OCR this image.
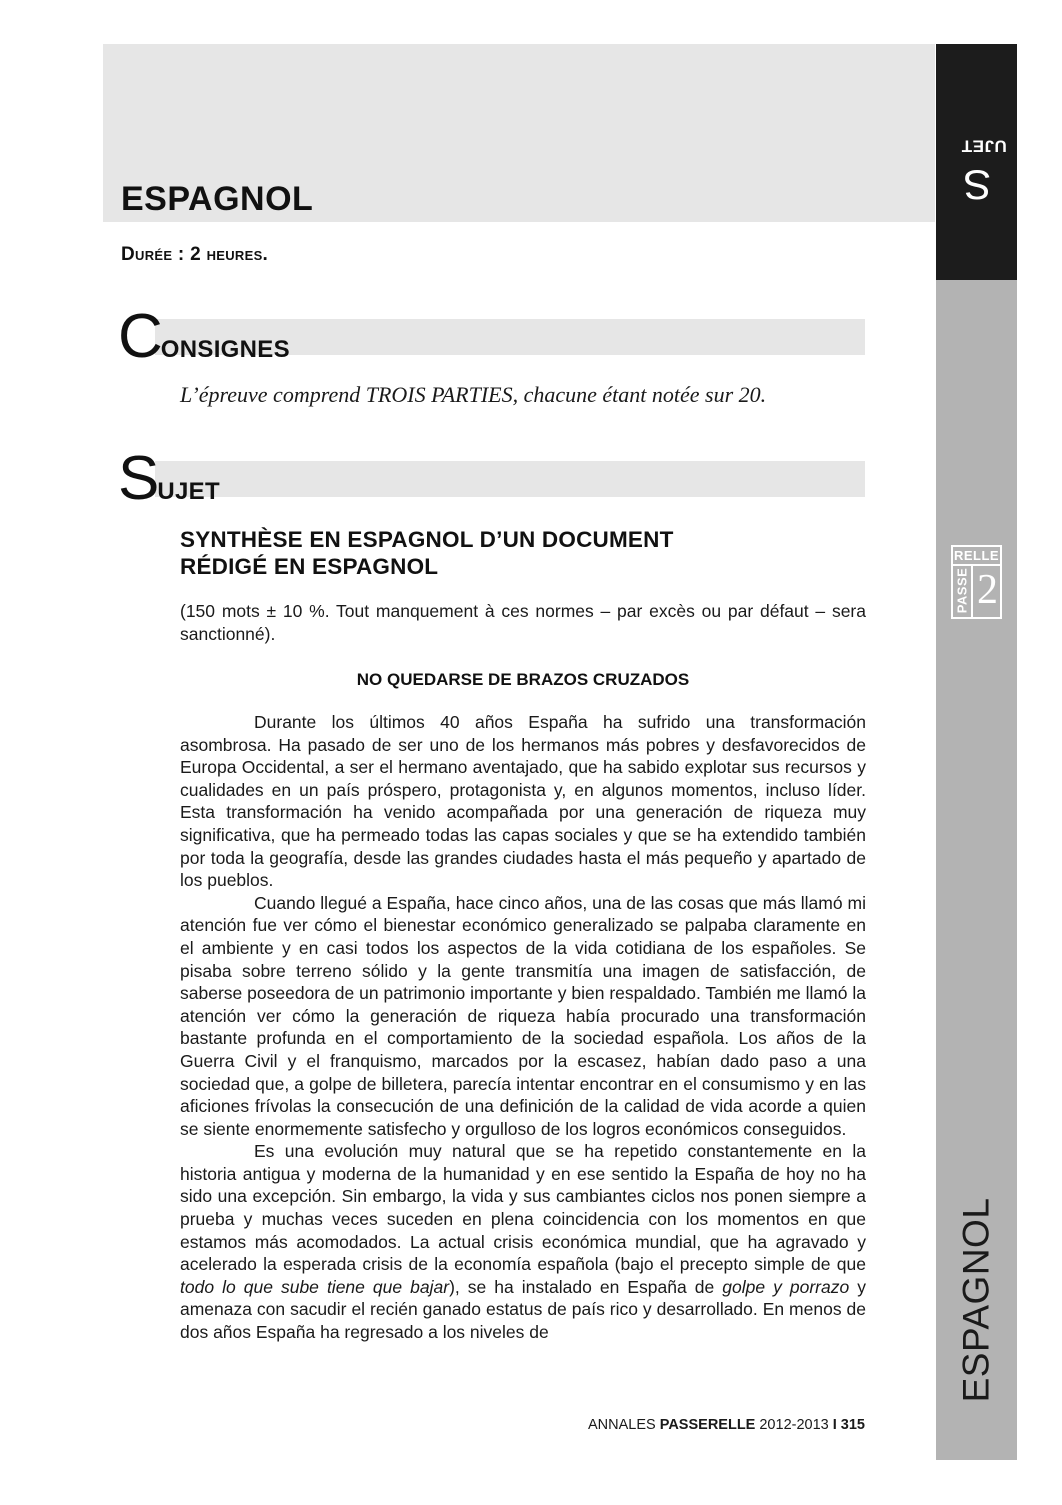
ESPAGNOL

Durée : 2 heures.

Sujet
RELLE
PASSE 2
ESPAGNOL
CONSIGNES

L’épreuve comprend TROIS PARTIES, chacune étant notée sur 20.

SUJET
SYNTHÈSE EN ESPAGNOL D’UN DOCUMENT
RÉDIGÉ EN ESPAGNOL

(150 mots ± 10 %. Tout manquement à ces normes – par excès ou par défaut – sera sanctionné).

NO QUEDARSE DE BRAZOS CRUZADOS

Durante los últimos 40 años España ha sufrido una transformación asombrosa. Ha pasado de ser uno de los hermanos más pobres y desfavorecidos de Europa Occidental, a ser el hermano aventajado, que ha sabido explotar sus recursos y cualidades en un país próspero, protagonista y, en algunos momentos, incluso líder. Esta transformación ha venido acompañada por una generación de riqueza muy significativa, que ha permeado todas las capas sociales y que se ha extendido también por toda la geografía, desde las grandes ciudades hasta el más pequeño y apartado de los pueblos.

Cuando llegué a España, hace cinco años, una de las cosas que más llamó mi atención fue ver cómo el bienestar económico generalizado se palpaba claramente en el ambiente y en casi todos los aspectos de la vida cotidiana de los españoles. Se pisaba sobre terreno sólido y la gente transmitía una imagen de satisfacción, de saberse poseedora de un patrimonio importante y bien respaldado. También me llamó la atención ver cómo la generación de riqueza había procurado una transformación bastante profunda en el comportamiento de la sociedad española. Los años de la Guerra Civil y el franquismo, marcados por la escasez, habían dado paso a una sociedad que, a golpe de billetera, parecía intentar encontrar en el consumismo y en las aficiones frívolas la consecución de una definición de la calidad de vida acorde a quien se siente enormemente satisfecho y orgulloso de los logros económicos conseguidos.

Es una evolución muy natural que se ha repetido constantemente en la historia antigua y moderna de la humanidad y en ese sentido la España de hoy no ha sido una excepción. Sin embargo, la vida y sus cambiantes ciclos nos ponen siempre a prueba y muchas veces suceden en plena coincidencia con los momentos en que estamos más acomodados. La actual crisis económica mundial, que ha agravado y acelerado la esperada crisis de la economía española (bajo el precepto simple de que todo lo que sube tiene que bajar), se ha instalado en España de golpe y porrazo y amenaza con sacudir el recién ganado estatus de país rico y desarrollado. En menos de dos años España ha regresado a los niveles de

ANNALES PASSERELLE 2012-2013 I 315
